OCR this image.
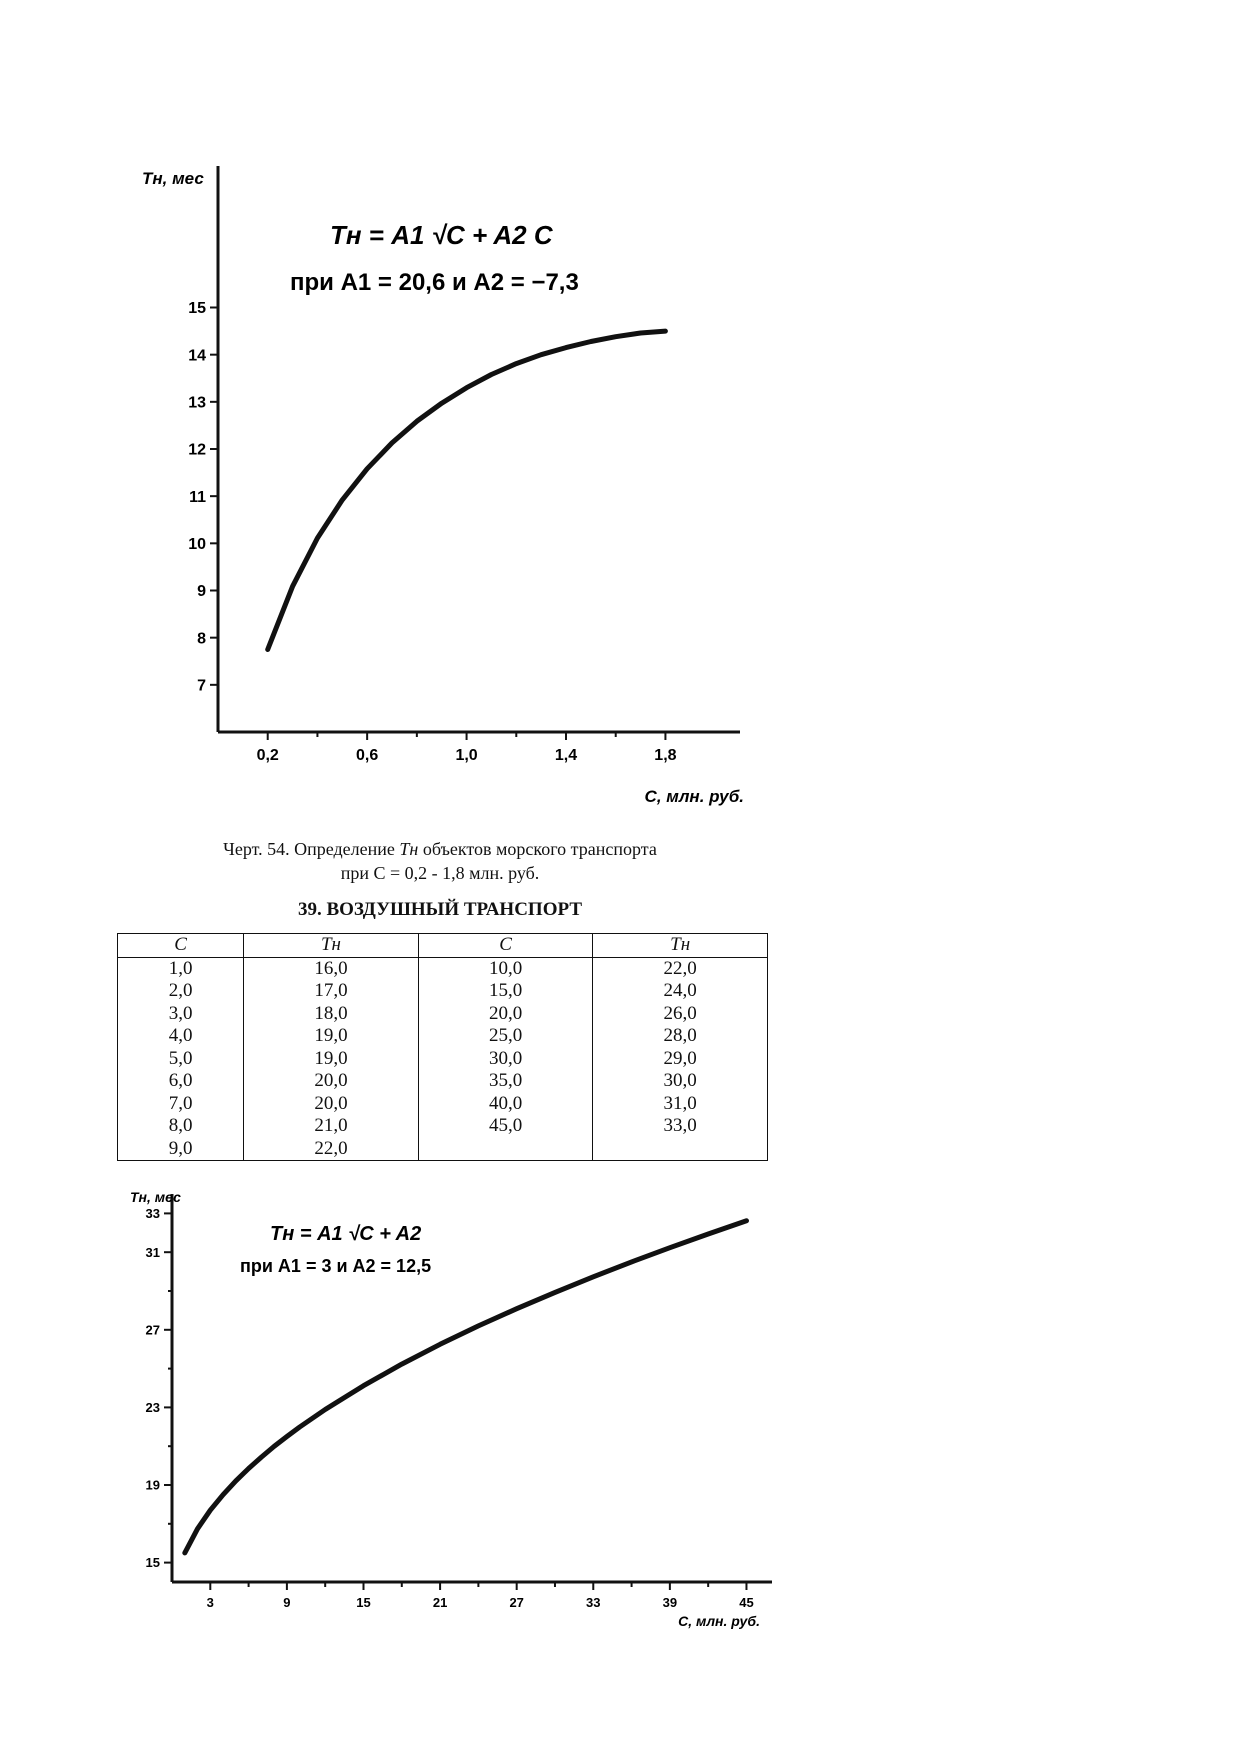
7
8
9
10
11
12
13
14
15
0,2	0,6	1,0	1,4	1,8
Tн, мес
C, млн. руб.
Tн = A1 √C + A2 C
при A1 = 20,6 и A2 = −7,3
Черт. 54. Определение Tн объектов морского транспорта
при С = 0,2 - 1,8 млн. руб.
39. ВОЗДУШНЫЙ ТРАНСПОРТ
С	Тн	С	Тн
1,0	16,0	10,0	22,0
2,0	17,0	15,0	24,0
3,0	18,0	20,0	26,0
4,0	19,0	25,0	28,0
5,0	19,0	30,0	29,0
6,0	20,0	35,0	30,0
7,0	20,0	40,0	31,0
8,0	21,0	45,0	33,0
9,0	22,0		
15
19
23
27
31
33
3	9	15	21	27	33	39	45
Tн, мес
C, млн. руб.
Tн = A1 √C + A2
при A1 = 3 и A2 = 12,5
